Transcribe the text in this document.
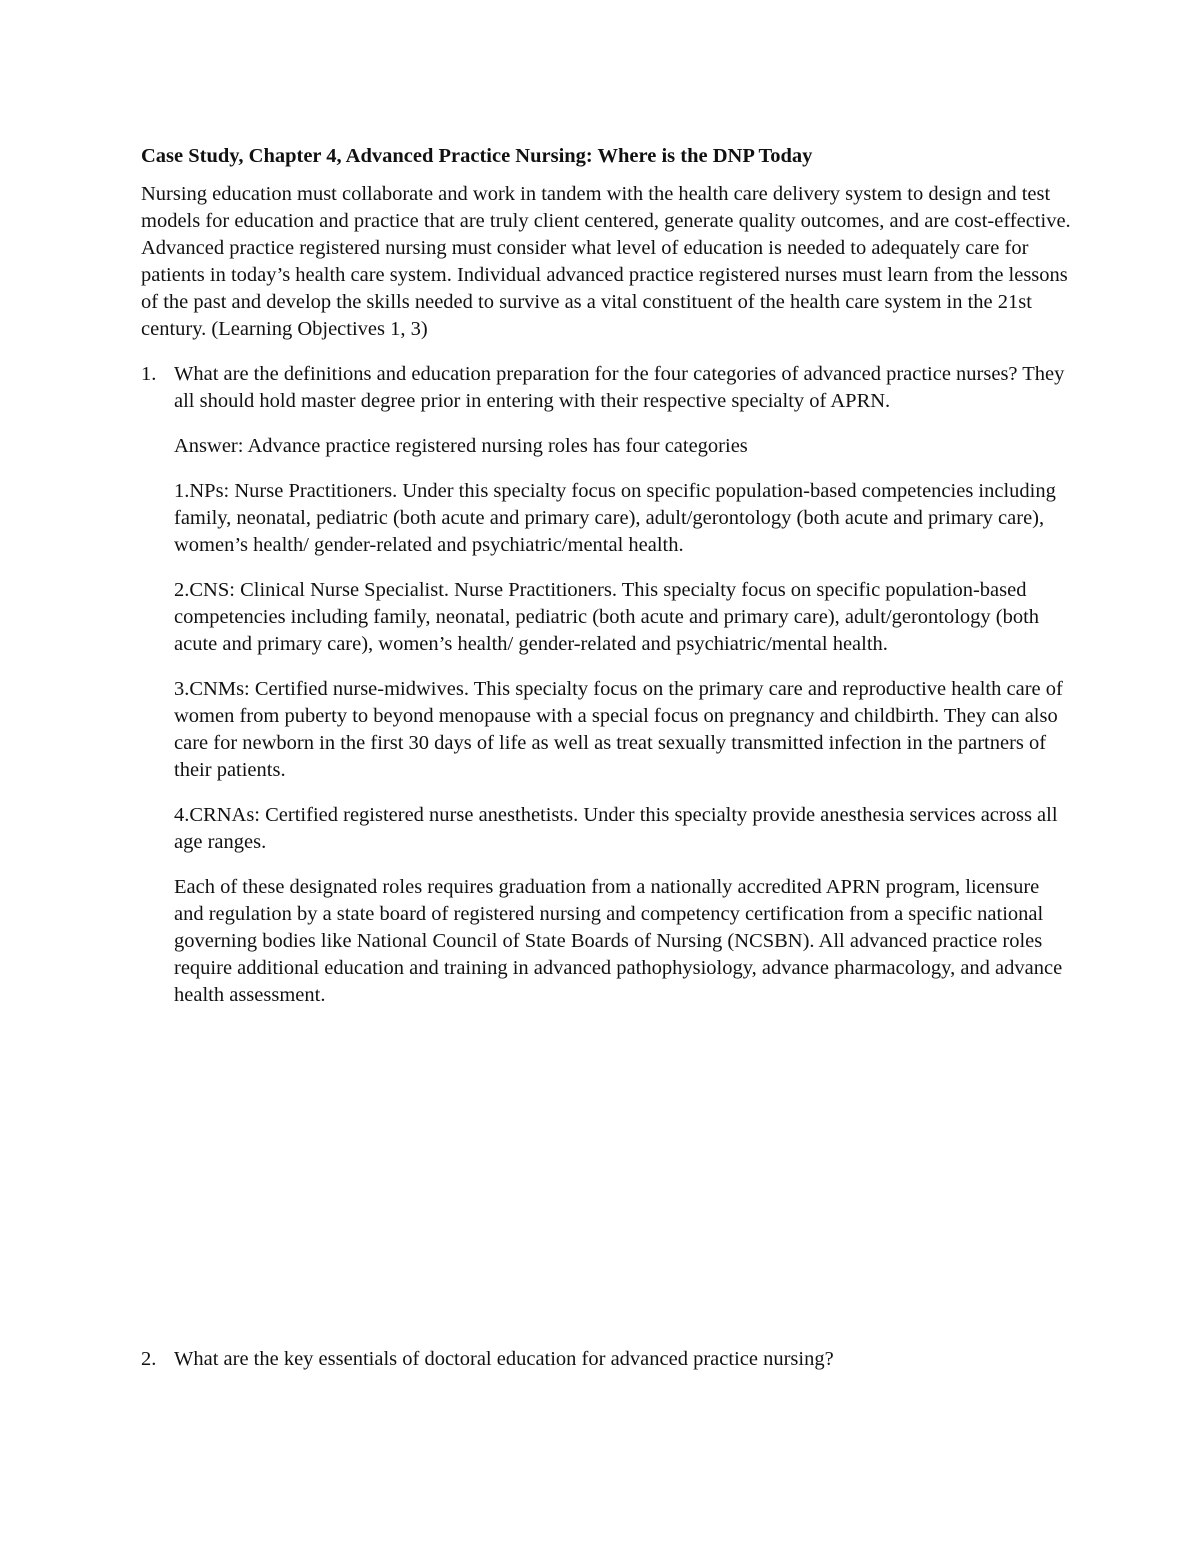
Case Study, Chapter 4, Advanced Practice Nursing: Where is the DNP Today

Nursing education must collaborate and work in tandem with the health care delivery system to design and test models for education and practice that are truly client centered, generate quality outcomes, and are cost-effective. Advanced practice registered nursing must consider what level of education is needed to adequately care for patients in today’s health care system. Individual advanced practice registered nurses must learn from the lessons of the past and develop the skills needed to survive as a vital constituent of the health care system in the 21st century. (Learning Objectives 1, 3)

1. What are the definitions and education preparation for the four categories of advanced practice nurses? They all should hold master degree prior in entering with their respective specialty of APRN.

Answer: Advance practice registered nursing roles has four categories

1.NPs: Nurse Practitioners. Under this specialty focus on specific population-based competencies including family, neonatal, pediatric (both acute and primary care), adult/gerontology (both acute and primary care), women’s health/ gender-related and psychiatric/mental health.

2.CNS: Clinical Nurse Specialist. Nurse Practitioners. This specialty focus on specific population-based competencies including family, neonatal, pediatric (both acute and primary care), adult/gerontology (both acute and primary care), women’s health/ gender-related and psychiatric/mental health.

3.CNMs: Certified nurse-midwives. This specialty focus on the primary care and reproductive health care of women from puberty to beyond menopause with a special focus on pregnancy and childbirth. They can also care for newborn in the first 30 days of life as well as treat sexually transmitted infection in the partners of their patients.

4.CRNAs: Certified registered nurse anesthetists. Under this specialty provide anesthesia services across all age ranges.

Each of these designated roles requires graduation from a nationally accredited APRN program, licensure and regulation by a state board of registered nursing and competency certification from a specific national governing bodies like National Council of State Boards of Nursing (NCSBN). All advanced practice roles require additional education and training in advanced pathophysiology, advance pharmacology, and advance health assessment.

2. What are the key essentials of doctoral education for advanced practice nursing?
